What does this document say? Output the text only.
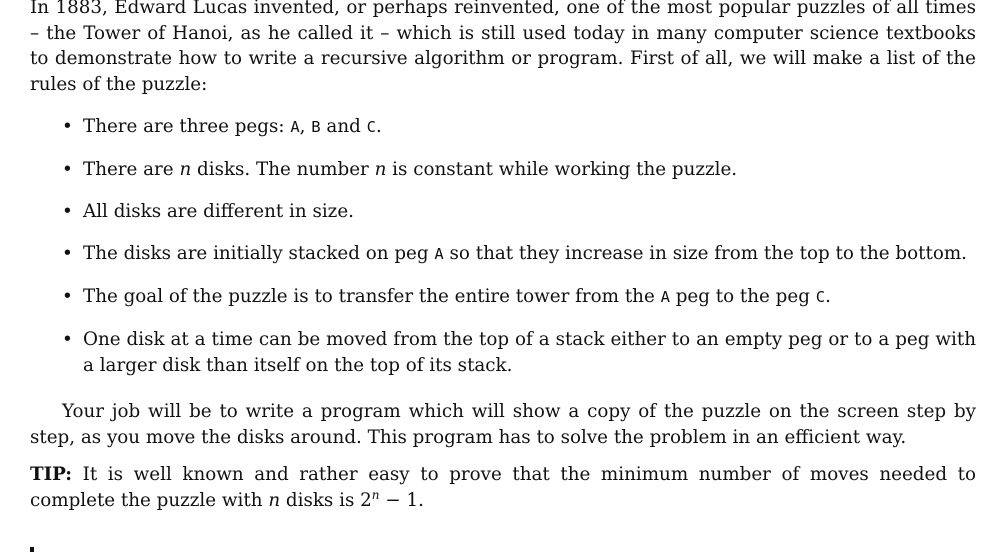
In 1883, Edward Lucas invented, or perhaps reinvented, one of the most popular puzzles of all times – the Tower of Hanoi, as he called it – which is still used today in many computer science textbooks to demonstrate how to write a recursive algorithm or program. First of all, we will make a list of the rules of the puzzle:

• There are three pegs: A, B and C.
• There are n disks. The number n is constant while working the puzzle.
• All disks are different in size.
• The disks are initially stacked on peg A so that they increase in size from the top to the bottom.
• The goal of the puzzle is to transfer the entire tower from the A peg to the peg C.
• One disk at a time can be moved from the top of a stack either to an empty peg or to a peg with a larger disk than itself on the top of its stack.

Your job will be to write a program which will show a copy of the puzzle on the screen step by step, as you move the disks around. This program has to solve the problem in an efficient way.

TIP: It is well known and rather easy to prove that the minimum number of moves needed to complete the puzzle with n disks is $2^n - 1$.
